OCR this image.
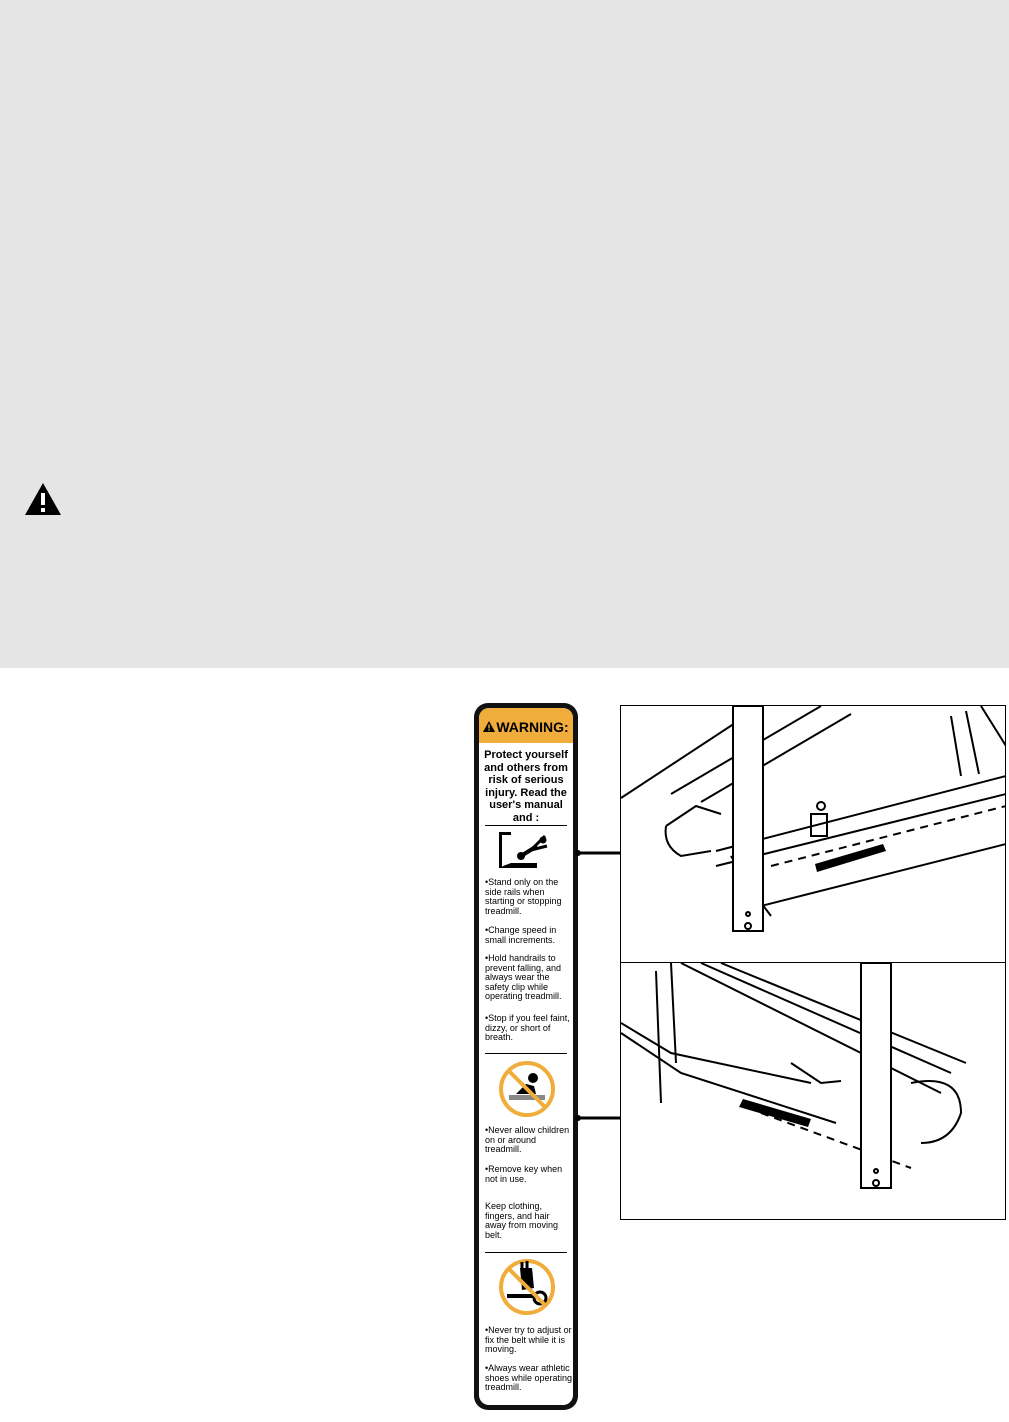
WARNING:
Protect yourself and others from risk of serious injury. Read the user's manual and :
•Stand only on the side rails when starting or stopping treadmill.
•Change speed in small increments.
•Hold handrails to prevent falling, and always wear the safety clip while operating treadmill.
•Stop if you feel faint, dizzy, or short of breath.
•Never allow children on or around treadmill.
•Remove key when not in use.
Keep clothing, fingers, and hair away from moving belt.
•Never try to adjust or fix the belt while it is moving.
•Always wear athletic shoes while operating treadmill.
